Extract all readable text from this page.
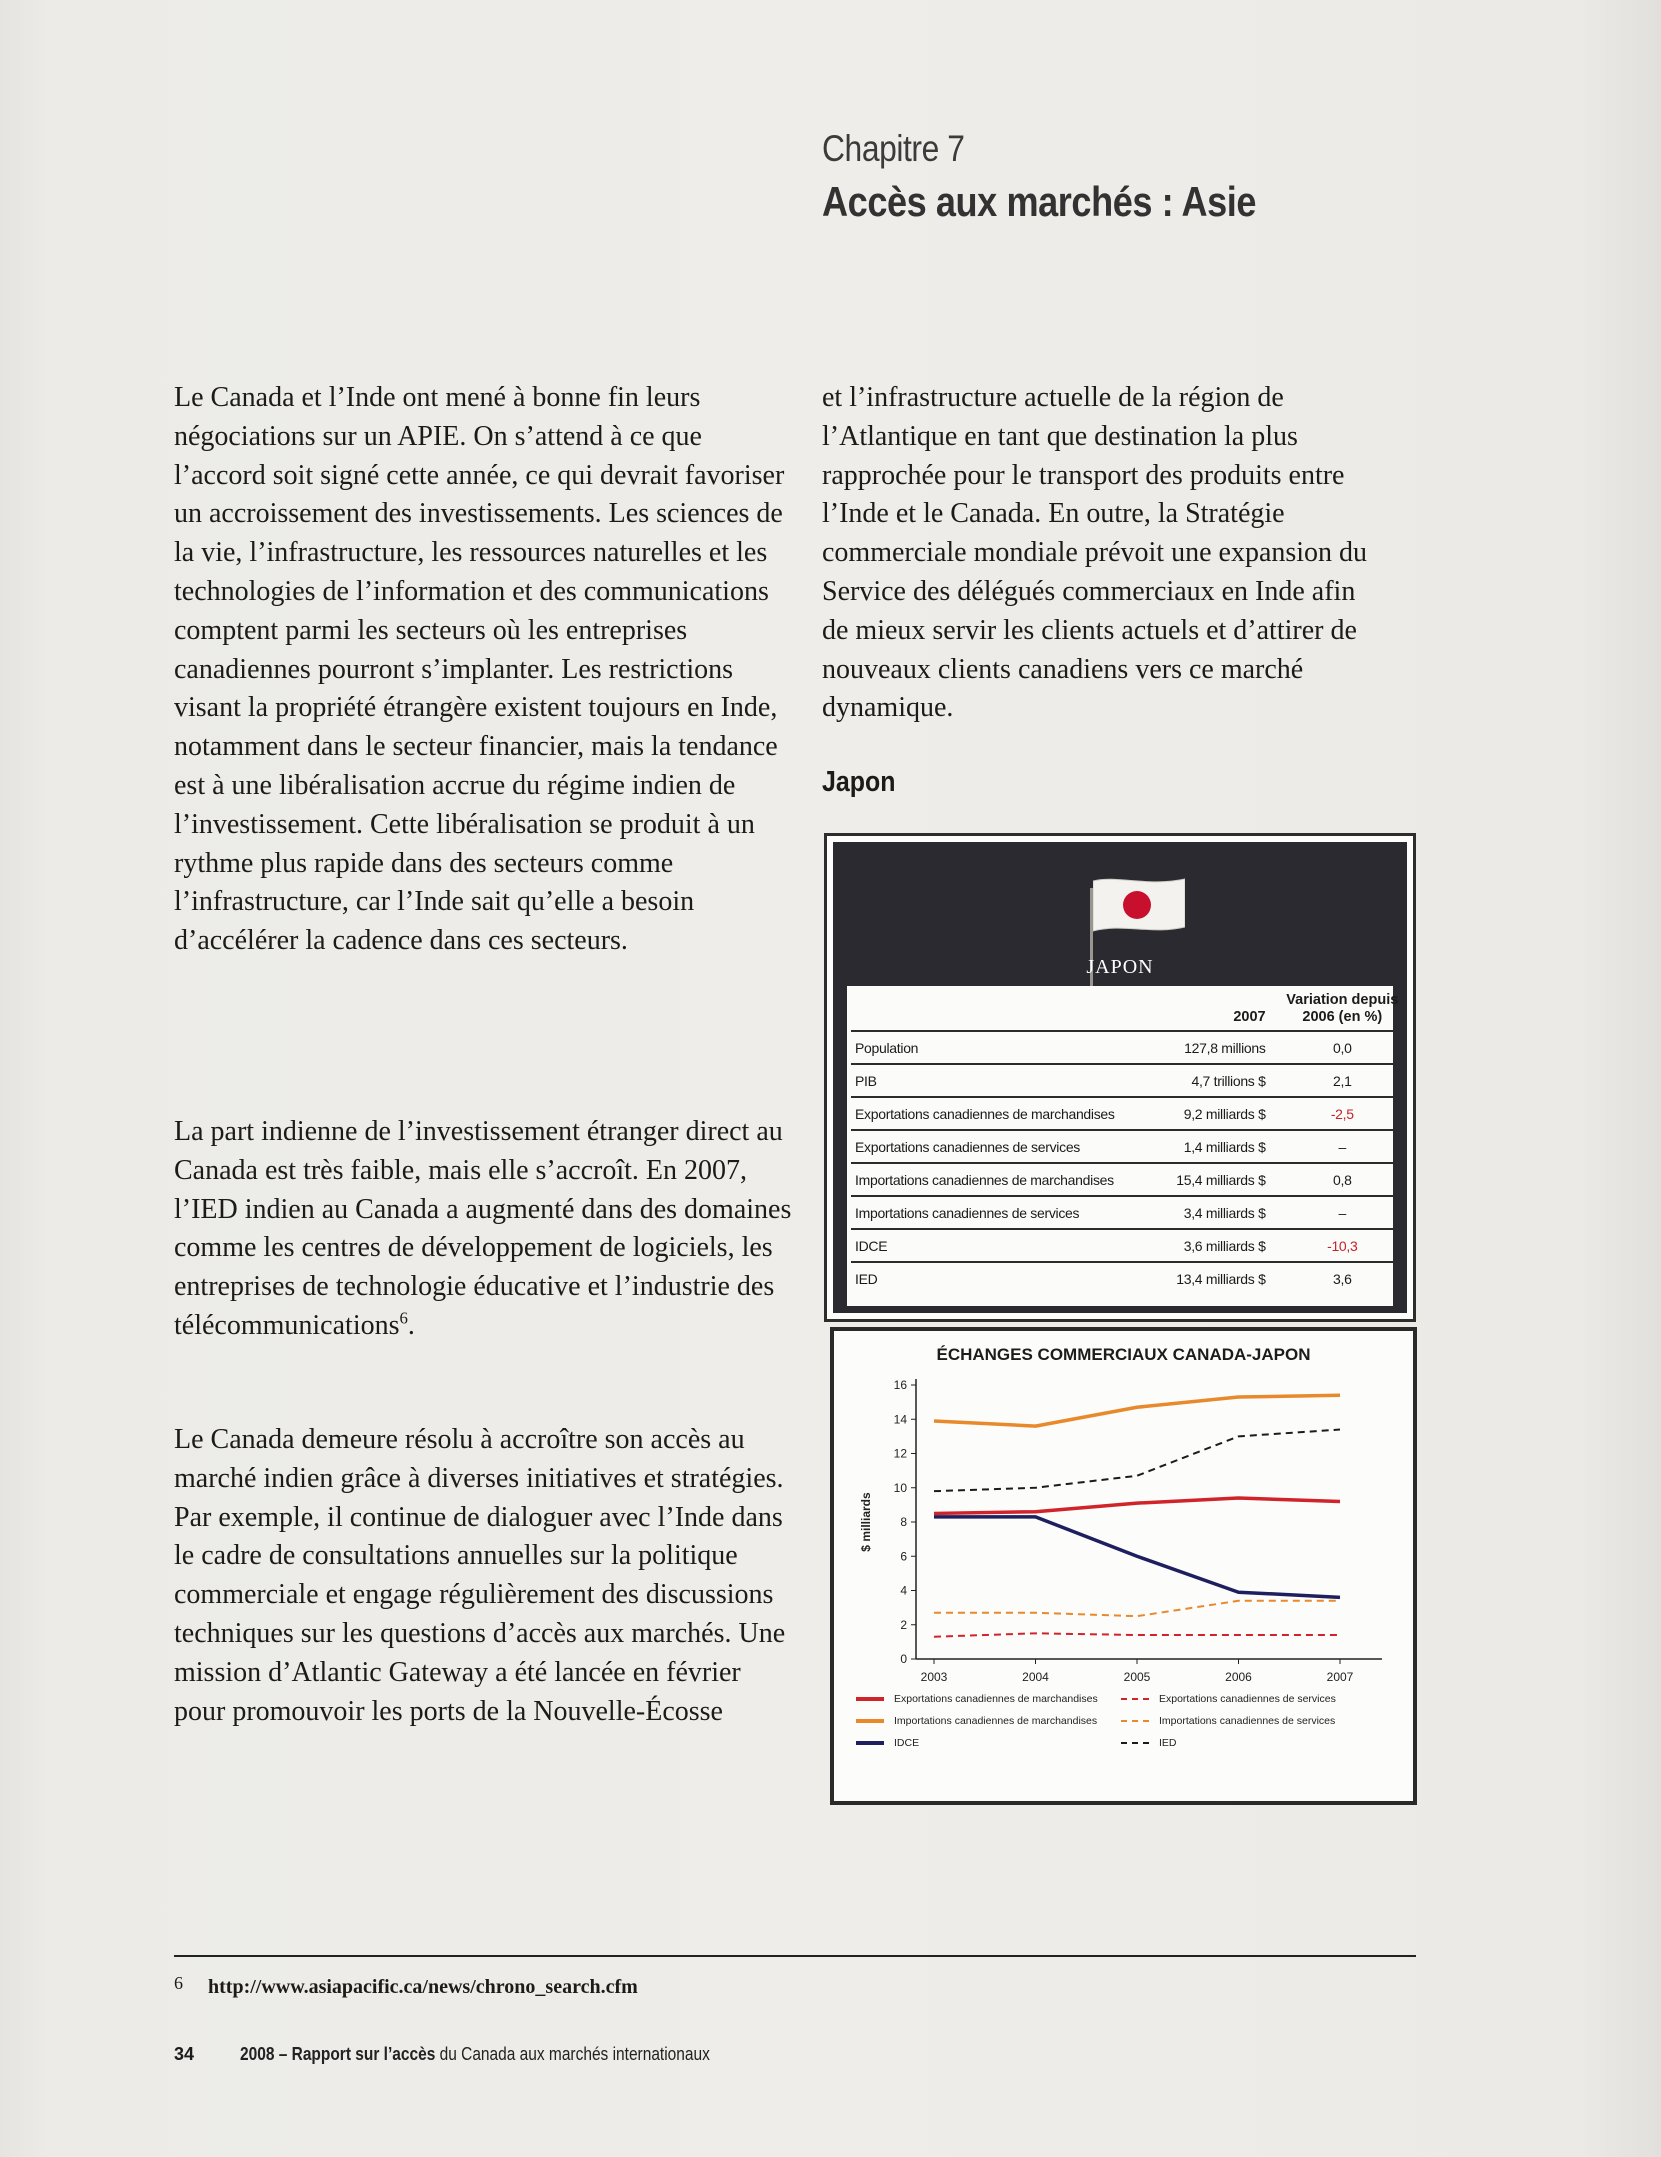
Chapitre 7
Accès aux marchés : Asie

Le Canada et l’Inde ont mené à bonne fin leurs négociations sur un APIE. On s’attend à ce que l’accord soit signé cette année, ce qui devrait favoriser un accroissement des investissements. Les sciences de la vie, l’infrastructure, les ressources naturelles et les technologies de l’information et des communications comptent parmi les secteurs où les entreprises canadiennes pourront s’implanter. Les restrictions visant la propriété étrangère existent toujours en Inde, notamment dans le secteur financier, mais la tendance est à une libéralisation accrue du régime indien de l’investissement. Cette libéralisation se produit à un rythme plus rapide dans des secteurs comme l’infrastructure, car l’Inde sait qu’elle a besoin d’accélérer la cadence dans ces secteurs.

La part indienne de l’investissement étranger direct au Canada est très faible, mais elle s’accroît. En 2007, l’IED indien au Canada a augmenté dans des domaines comme les centres de développement de logiciels, les entreprises de technologie éducative et l’industrie des télécommunications$^6$.

Le Canada demeure résolu à accroître son accès au marché indien grâce à diverses initiatives et stratégies. Par exemple, il continue de dialoguer avec l’Inde dans le cadre de consultations annuelles sur la politique commerciale et engage régulièrement des discussions techniques sur les questions d’accès aux marchés. Une mission d’Atlantic Gateway a été lancée en février pour promouvoir les ports de la Nouvelle-Écosse

et l’infrastructure actuelle de la région de l’Atlantique en tant que destination la plus rapprochée pour le transport des produits entre l’Inde et le Canada. En outre, la Stratégie commerciale mondiale prévoit une expansion du Service des délégués commerciaux en Inde afin de mieux servir les clients actuels et d’attirer de nouveaux clients canadiens vers ce marché dynamique.

Japon
JAPON
	2007	Variation depuis 2006 (en %)
Population	127,8 millions	0,0
PIB	4,7 trillions $	2,1
Exportations canadiennes de marchandises	9,2 milliards $	-2,5
Exportations canadiennes de services	1,4 milliards $	–
Importations canadiennes de marchandises	15,4 milliards $	0,8
Importations canadiennes de services	3,4 milliards $	–
IDCE	3,6 milliards $	-10,3
IED	13,4 milliards $	3,6
ÉCHANGES COMMERCIAUX CANADA-JAPON
0
2
4
6
8
10
12
14
16
2003	2004	2005	2006	2007
$ milliards
Exportations canadiennes de marchandises	Exportations canadiennes de services
Importations canadiennes de marchandises	Importations canadiennes de services
IDCE	IED
6 http://www.asiapacific.ca/news/chrono_search.cfm
34	2008 – Rapport sur l’accès du Canada aux marchés internationaux
